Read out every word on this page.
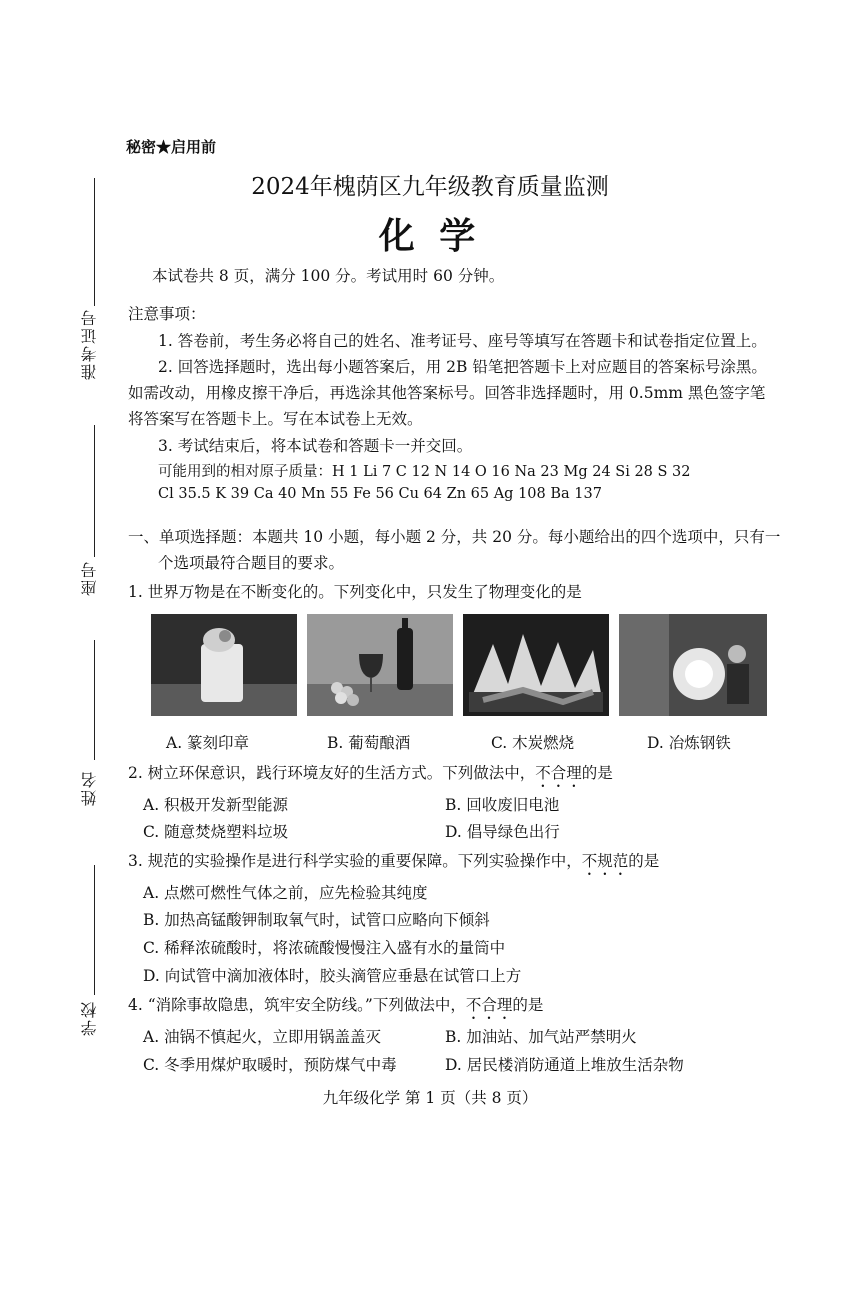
准考证号
座号
姓名
学校
秘密★启用前
2024年槐荫区九年级教育质量监测
化 学
本试卷共 8 页，满分 100 分。考试用时 60 分钟。
注意事项：
1. 答卷前，考生务必将自己的姓名、准考证号、座号等填写在答题卡和试卷指定位置上。
2. 回答选择题时，选出每小题答案后，用 2B 铅笔把答题卡上对应题目的答案标号涂黑。
如需改动，用橡皮擦干净后，再选涂其他答案标号。回答非选择题时，用 0.5mm 黑色签字笔
将答案写在答题卡上。写在本试卷上无效。
3. 考试结束后，将本试卷和答题卡一并交回。
可能用到的相对原子质量：H 1 Li 7 C 12 N 14 O 16 Na 23 Mg 24 Si 28 S 32
Cl 35.5 K 39 Ca 40 Mn 55 Fe 56 Cu 64 Zn 65 Ag 108 Ba 137
一、单项选择题：本题共 10 小题，每小题 2 分，共 20 分。每小题给出的四个选项中，只有一
个选项最符合题目的要求。
1. 世界万物是在不断变化的。下列变化中，只发生了物理变化的是
A. 篆刻印章	B. 葡萄酿酒	C. 木炭燃烧	D. 冶炼钢铁
2. 树立环保意识，践行环境友好的生活方式。下列做法中，不合理的是
A. 积极开发新型能源	B. 回收废旧电池
C. 随意焚烧塑料垃圾	D. 倡导绿色出行
3. 规范的实验操作是进行科学实验的重要保障。下列实验操作中，不规范的是
A. 点燃可燃性气体之前，应先检验其纯度
B. 加热高锰酸钾制取氧气时，试管口应略向下倾斜
C. 稀释浓硫酸时，将浓硫酸慢慢注入盛有水的量筒中
D. 向试管中滴加液体时，胶头滴管应垂悬在试管口上方
4. “消除事故隐患，筑牢安全防线。”下列做法中，不合理的是
A. 油锅不慎起火，立即用锅盖盖灭	B. 加油站、加气站严禁明火
C. 冬季用煤炉取暖时，预防煤气中毒	D. 居民楼消防通道上堆放生活杂物
九年级化学 第 1 页（共 8 页）
